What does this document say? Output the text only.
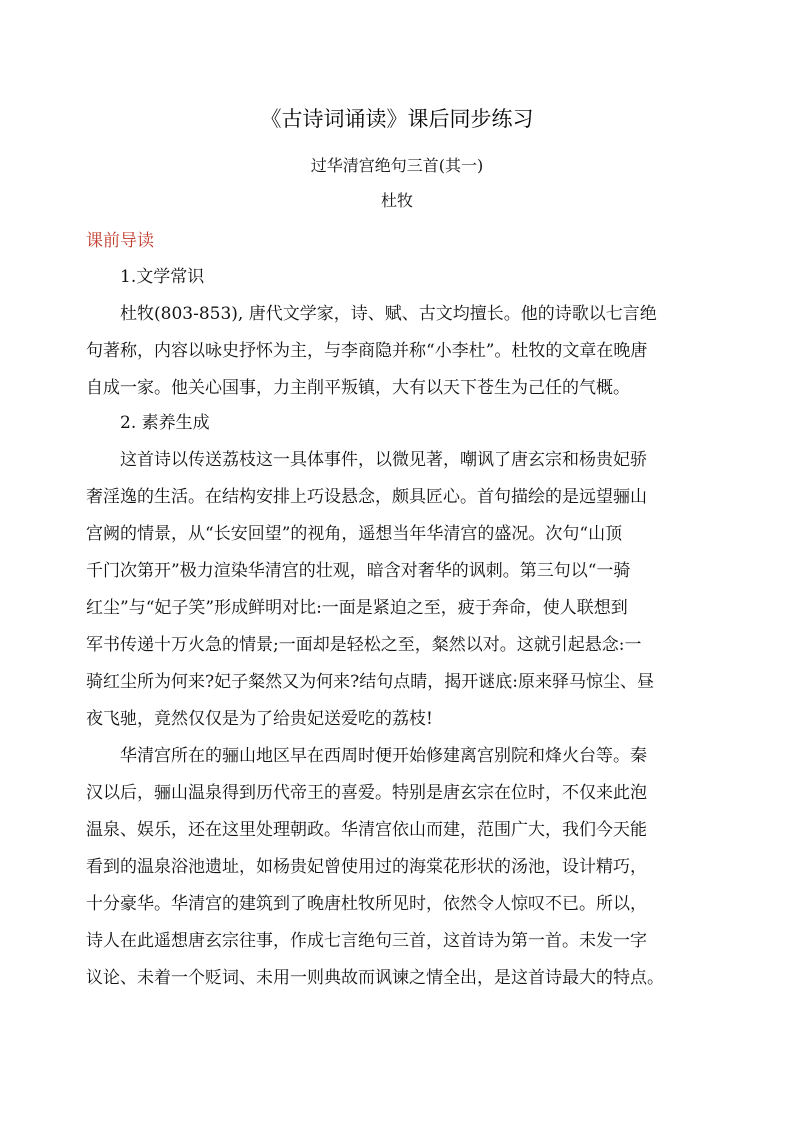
《古诗词诵读》课后同步练习
过华清宫绝句三首(其一)
杜牧
课前导读
1.文学常识
杜牧(803-853), 唐代文学家，诗、赋、古文均擅长。他的诗歌以七言绝
句著称，内容以咏史抒怀为主，与李商隐并称“小李杜”。杜牧的文章在晚唐
自成一家。他关心国事，力主削平叛镇，大有以天下苍生为己任的气概。
2. 素养生成
这首诗以传送荔枝这一具体事件，以微见著，嘲讽了唐玄宗和杨贵妃骄
奢淫逸的生活。在结构安排上巧设悬念，颇具匠心。首句描绘的是远望骊山
宫阙的情景，从“长安回望”的视角，遥想当年华清宫的盛况。次句“山顶
千门次第开”极力渲染华清宫的壮观，暗含对奢华的讽刺。第三句以“一骑
红尘”与“妃子笑”形成鲜明对比:一面是紧迫之至，疲于奔命，使人联想到
军书传递十万火急的情景;一面却是轻松之至，粲然以对。这就引起悬念:一
骑红尘所为何来?妃子粲然又为何来?结句点睛，揭开谜底:原来驿马惊尘、昼
夜飞驰，竟然仅仅是为了给贵妃送爱吃的荔枝!
华清宫所在的骊山地区早在西周时便开始修建离宫别院和烽火台等。秦
汉以后，骊山温泉得到历代帝王的喜爱。特别是唐玄宗在位时，不仅来此泡
温泉、娱乐，还在这里处理朝政。华清宫依山而建，范围广大，我们今天能
看到的温泉浴池遗址，如杨贵妃曾使用过的海棠花形状的汤池，设计精巧，
十分豪华。华清宫的建筑到了晚唐杜牧所见时，依然令人惊叹不已。所以，
诗人在此遥想唐玄宗往事，作成七言绝句三首，这首诗为第一首。未发一字
议论、未着一个贬词、未用一则典故而讽谏之情全出，是这首诗最大的特点。
